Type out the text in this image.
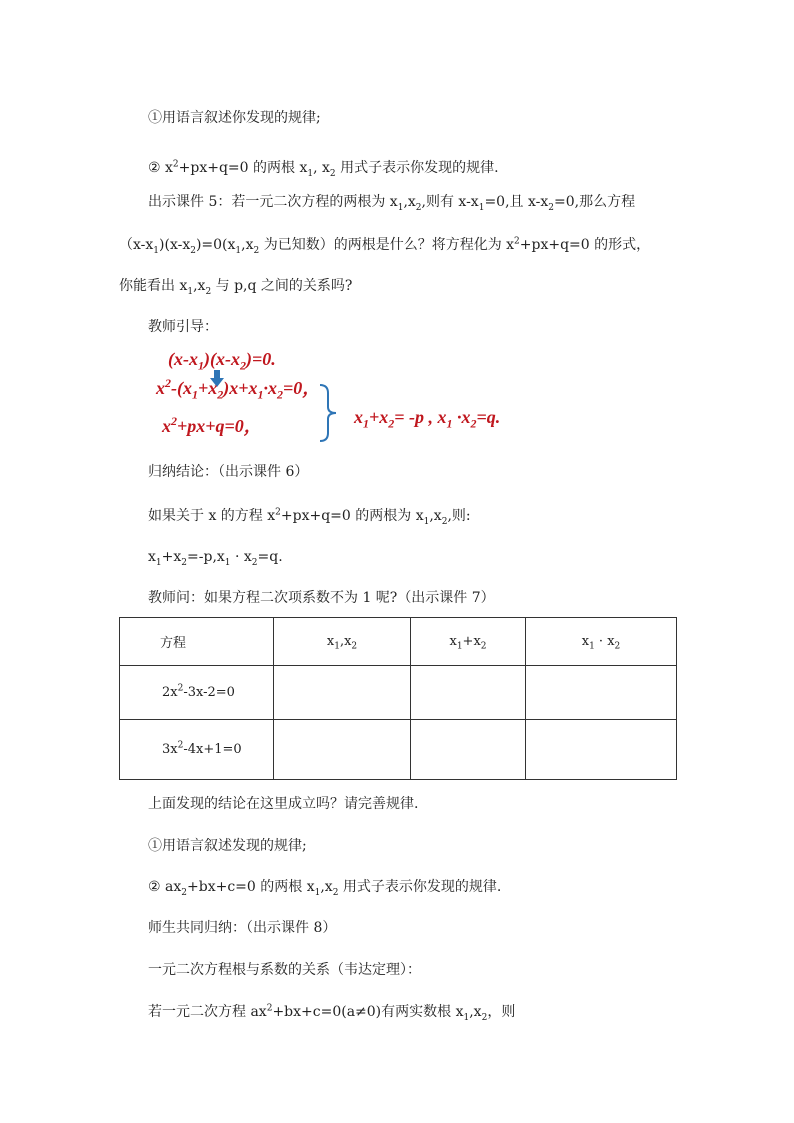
①用语言叙述你发现的规律;
② $x^2+px+q=0$ 的两根 $x_1$, $x_2$ 用式子表示你发现的规律.
出示课件 5：若一元二次方程的两根为 $x_1,x_2$,则有 $x-x_1=0$,且 $x-x_2=0$,那么方程
$(x-x_1)(x-x_2)=0(x_1,x_2$ 为已知数）的两根是什么？将方程化为 $x^2+px+q=0$ 的形式，
你能看出 $x_1,x_2$ 与 p,q 之间的关系吗?
教师引导：
$(x-x_1)(x-x_2)=0$.
$x^2-(x_1+x_2)x+x_1\cdot x_2=0$，
$x^2+px+q=0$，	$x_1+x_2= -p$ , $x_1 \cdot x_2=q$.
归纳结论：（出示课件 6）
如果关于 x 的方程 $x^2+px+q=0$ 的两根为 $x_1,x_2$,则:
$x_1+x_2=-p,x_1 \cdot x_2=q$.
教师问：如果方程二次项系数不为 1 呢?（出示课件 7）
方程	$x_1,x_2$	$x_1+x_2$	$x_1 \cdot x_2$
$2x^2-3x-2=0$			
$3x^2-4x+1=0$			
上面发现的结论在这里成立吗？请完善规律.
①用语言叙述发现的规律;
② $ax_2+bx+c=0$ 的两根 $x_1,x_2$ 用式子表示你发现的规律.
师生共同归纳：（出示课件 8）
一元二次方程根与系数的关系（韦达定理）：
若一元二次方程 $ax^2+bx+c=0(a\ne 0)$有两实数根 $x_1,x_2$，则
